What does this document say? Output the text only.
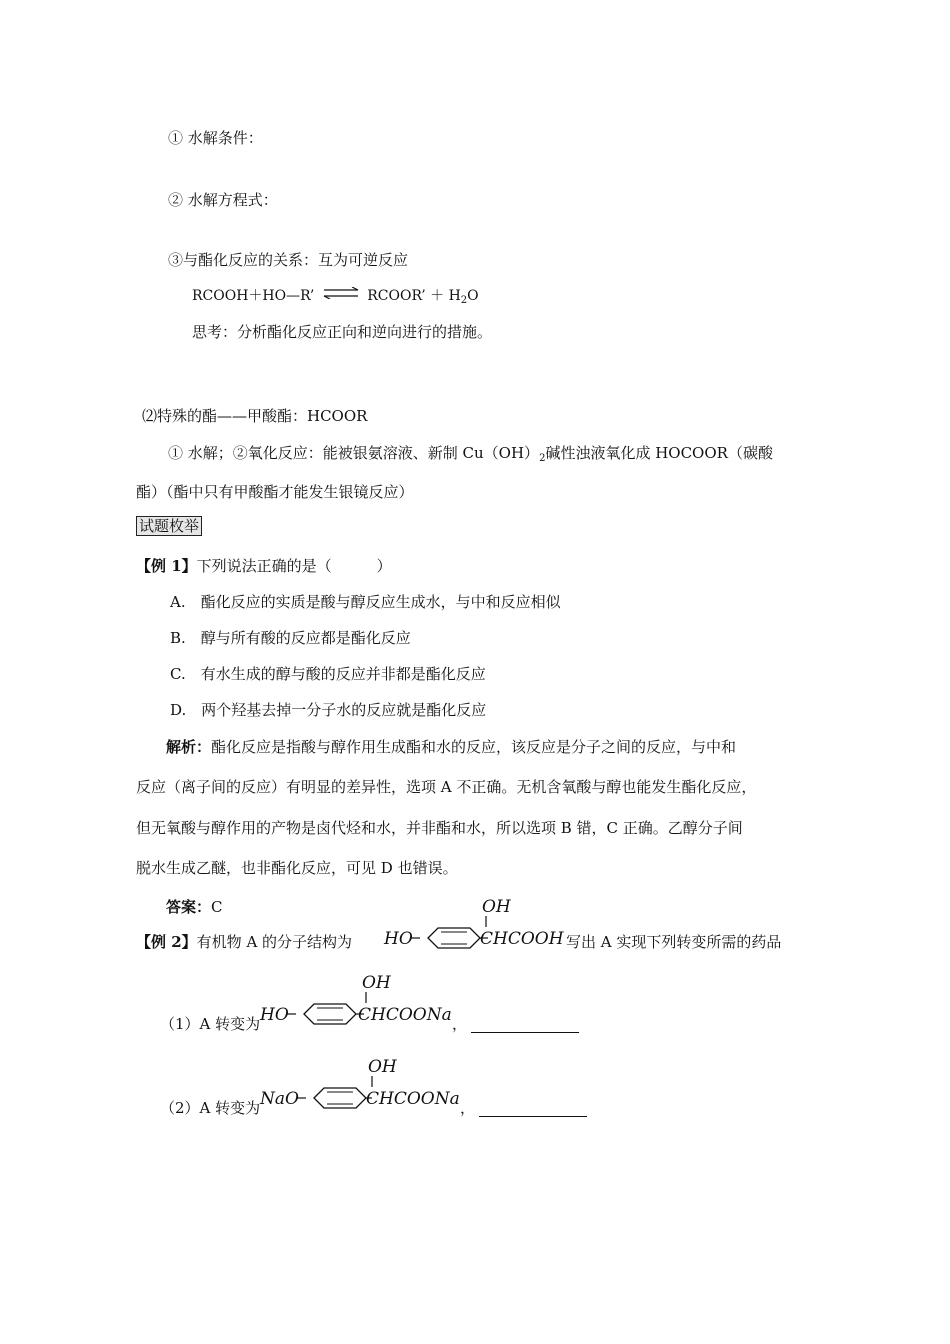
① 水解条件：
② 水解方程式：
③与酯化反应的关系：互为可逆反应
RCOOH＋HO—R’ ⇌ RCOOR’ ＋ $H_2O$
思考：分析酯化反应正向和逆向进行的措施。
⑵特殊的酯——甲酸酯：HCOOR
① 水解；②氧化反应：能被银氨溶液、新制 $Cu(OH)_2$碱性浊液氧化成 HOCOOR（碳酸
酯）（酯中只有甲酸酯才能发生银镜反应）
试题枚举
【例 1】下列说法正确的是（　　　）
A.　酯化反应的实质是酸与醇反应生成水，与中和反应相似
B.　醇与所有酸的反应都是酯化反应
C.　有水生成的醇与酸的反应并非都是酯化反应
D.　两个羟基去掉一分子水的反应就是酯化反应
解析：酯化反应是指酸与醇作用生成酯和水的反应，该反应是分子之间的反应，与中和
反应（离子间的反应）有明显的差异性，选项 A 不正确。无机含氧酸与醇也能发生酯化反应，
但无氧酸与醇作用的产物是卤代烃和水，并非酯和水，所以选项 B 错，C 正确。乙醇分子间
脱水生成乙醚，也非酯化反应，可见 D 也错误。
答案：C
【例 2】有机物 A 的分子结构为 HO
OH
CHCOOH 写出 A 实现下列转变所需的药品
（1）A 转变为 HO
OH
CHCOONa ，
（2）A 转变为 NaO
OH
CHCOONa ，
